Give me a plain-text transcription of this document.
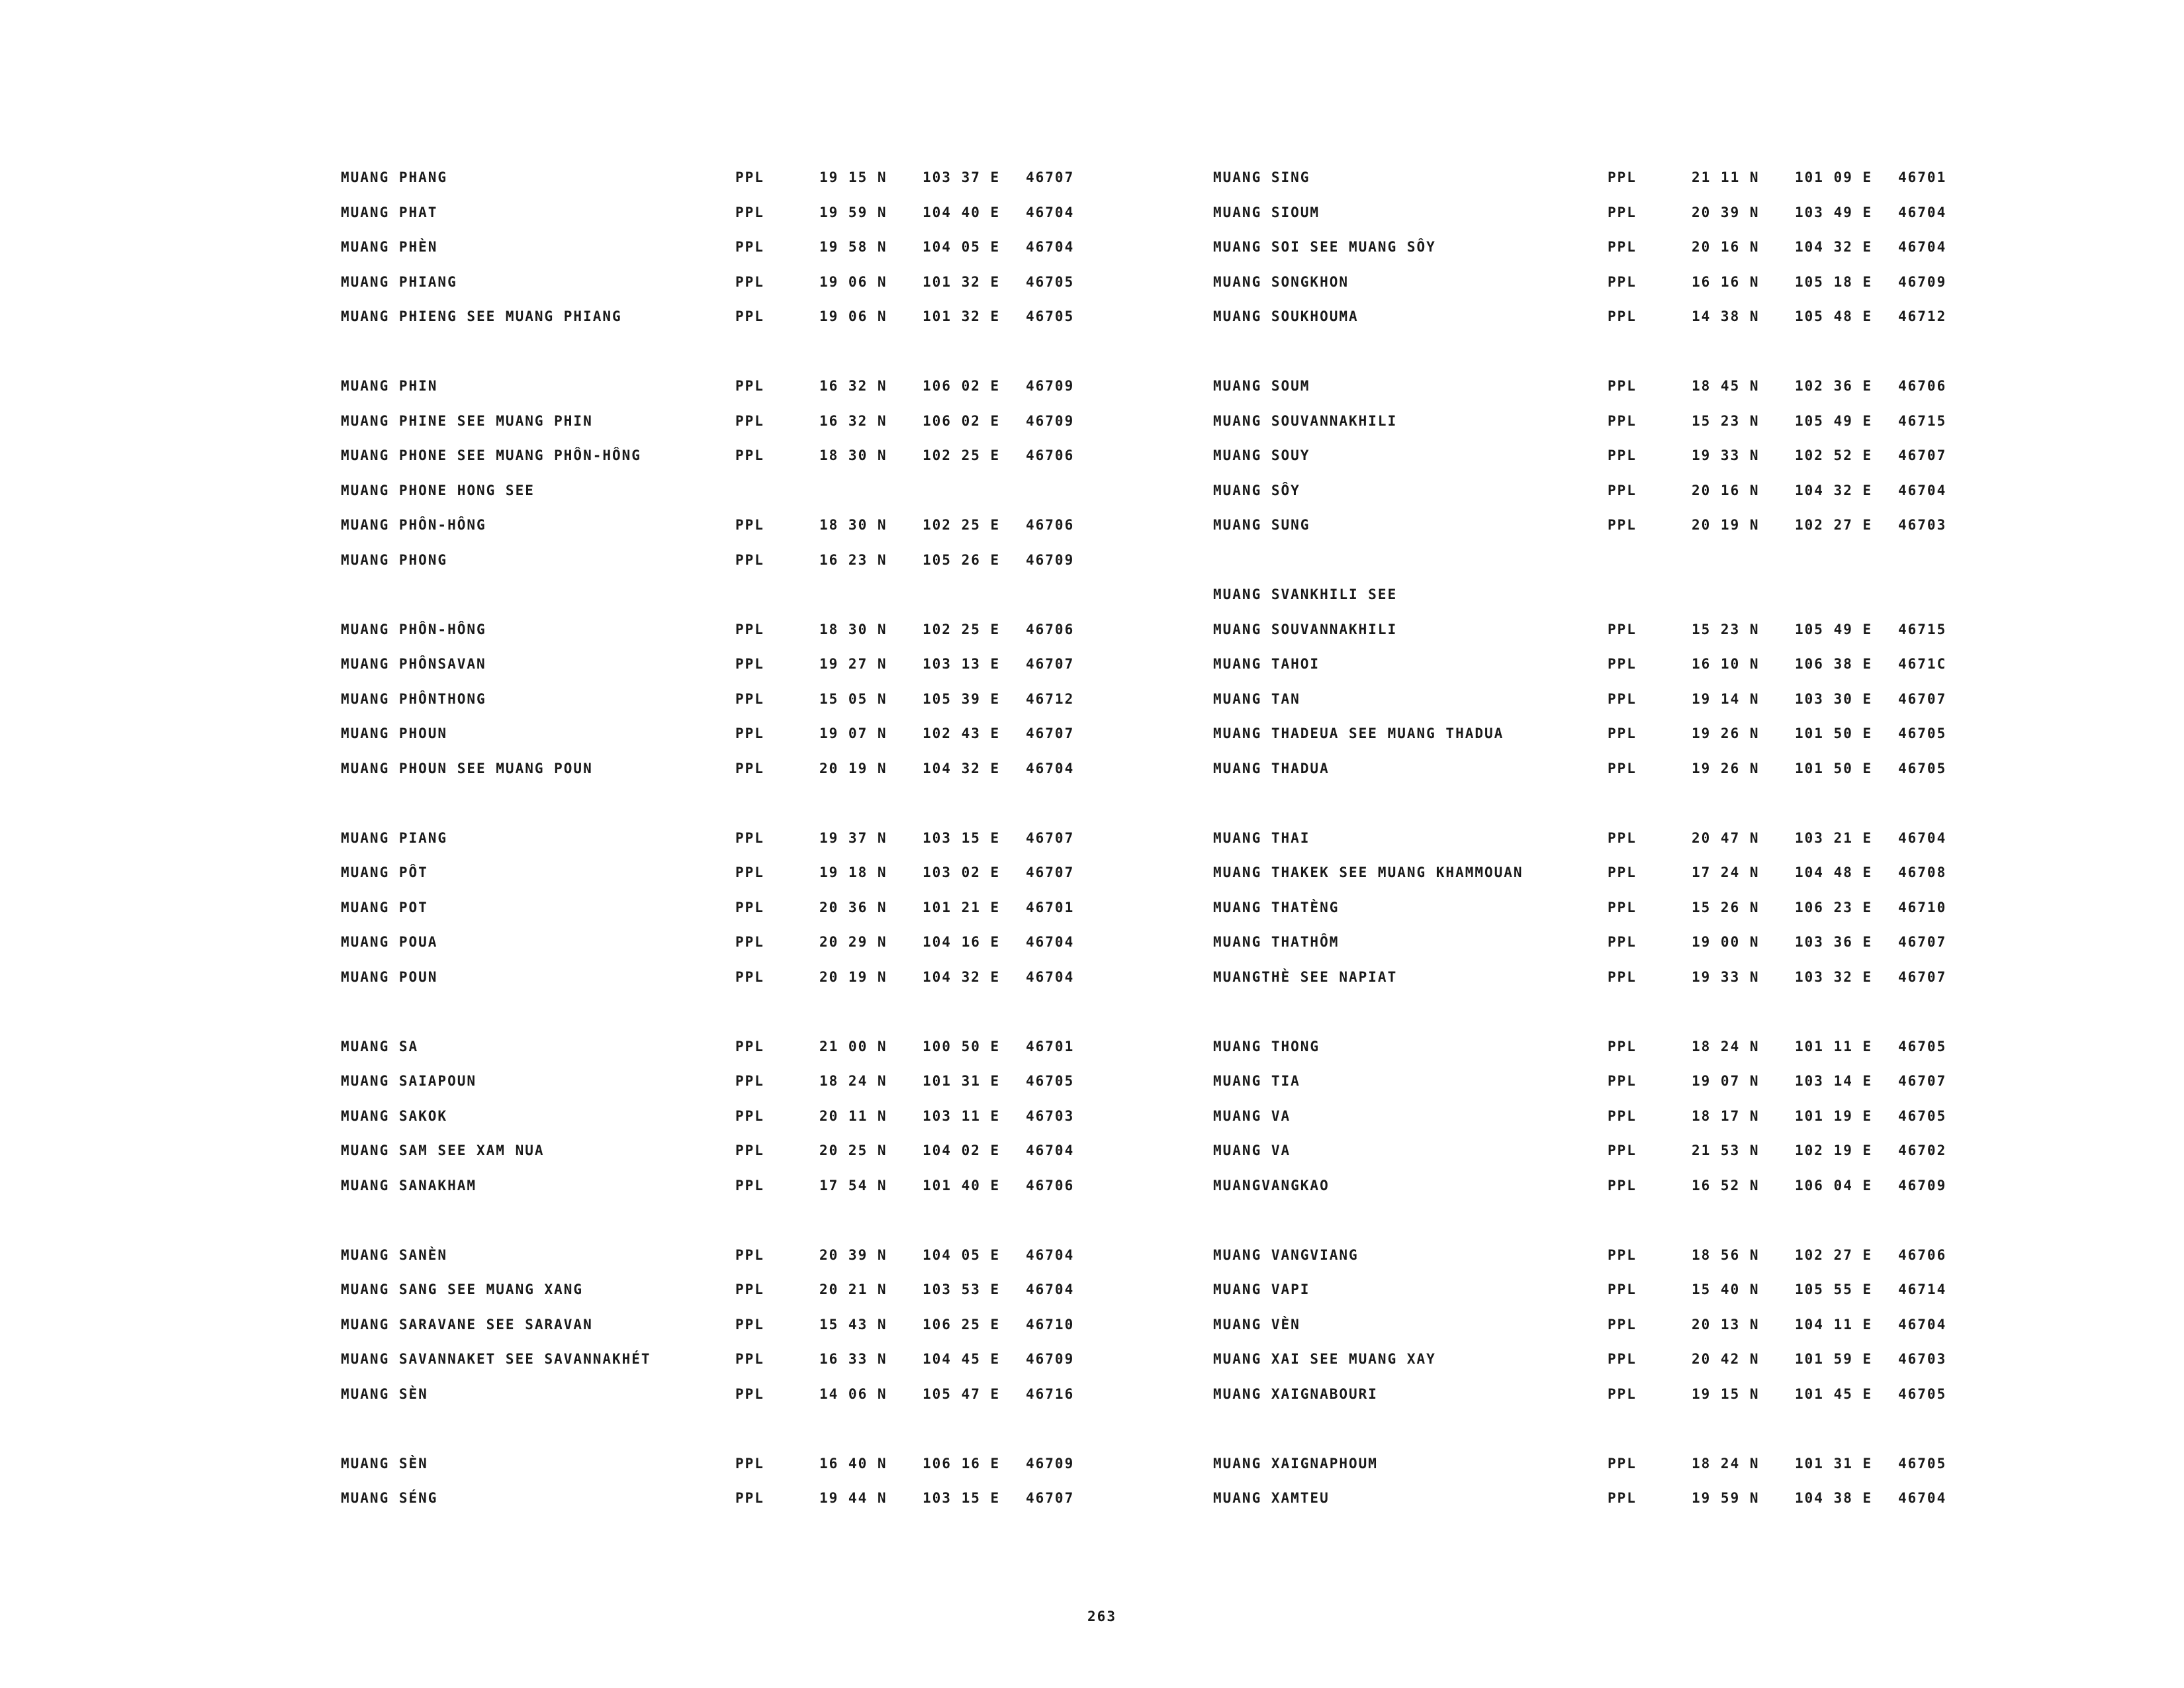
MUANG PHANG	PPL	19 15 N	103 37 E 46707
MUANG PHAT	PPL	19 59 N	104 40 E 46704
MUANG PHÈN	PPL	19 58 N	104 05 E 46704
MUANG PHIANG	PPL	19 06 N	101 32 E 46705
MUANG PHIENG SEE MUANG PHIANG	PPL	19 06 N	101 32 E 46705
MUANG PHIN	PPL	16 32 N	106 02 E 46709
MUANG PHINE SEE MUANG PHIN	PPL	16 32 N	106 02 E 46709
MUANG PHONE SEE MUANG PHÔN-HÔNG	PPL	18 30 N	102 25 E 46706
MUANG PHONE HONG SEE
MUANG PHÔN-HÔNG	PPL	18 30 N	102 25 E 46706
MUANG PHONG	PPL	16 23 N	105 26 E 46709
MUANG PHÔN-HÔNG	PPL	18 30 N	102 25 E 46706
MUANG PHÔNSAVAN	PPL	19 27 N	103 13 E 46707
MUANG PHÔNTHONG	PPL	15 05 N	105 39 E 46712
MUANG PHOUN	PPL	19 07 N	102 43 E 46707
MUANG PHOUN SEE MUANG POUN	PPL	20 19 N	104 32 E 46704
MUANG PIANG	PPL	19 37 N	103 15 E 46707
MUANG PÔT	PPL	19 18 N	103 02 E 46707
MUANG POT	PPL	20 36 N	101 21 E 46701
MUANG POUA	PPL	20 29 N	104 16 E 46704
MUANG POUN	PPL	20 19 N	104 32 E 46704
MUANG SA	PPL	21 00 N	100 50 E 46701
MUANG SAIAPOUN	PPL	18 24 N	101 31 E 46705
MUANG SAKOK	PPL	20 11 N	103 11 E 46703
MUANG SAM SEE XAM NUA	PPL	20 25 N	104 02 E 46704
MUANG SANAKHAM	PPL	17 54 N	101 40 E 46706
MUANG SANÈN	PPL	20 39 N	104 05 E 46704
MUANG SANG SEE MUANG XANG	PPL	20 21 N	103 53 E 46704
MUANG SARAVANE SEE SARAVAN	PPL	15 43 N	106 25 E 46710
MUANG SAVANNAKET SEE SAVANNAKHÉT	PPL	16 33 N	104 45 E 46709
MUANG SÈN	PPL	14 06 N	105 47 E 46716
MUANG SÈN	PPL	16 40 N	106 16 E 46709
MUANG SÉNG	PPL	19 44 N	103 15 E 46707
MUANG SING	PPL	21 11 N	101 09 E 46701
MUANG SIOUM	PPL	20 39 N	103 49 E 46704
MUANG SOI SEE MUANG SÔY	PPL	20 16 N	104 32 E 46704
MUANG SONGKHON	PPL	16 16 N	105 18 E 46709
MUANG SOUKHOUMA	PPL	14 38 N	105 48 E 46712
MUANG SOUM	PPL	18 45 N	102 36 E 46706
MUANG SOUVANNAKHILI	PPL	15 23 N	105 49 E 46715
MUANG SOUY	PPL	19 33 N	102 52 E 46707
MUANG SÔY	PPL	20 16 N	104 32 E 46704
MUANG SUNG	PPL	20 19 N	102 27 E 46703
MUANG SVANKHILI SEE
MUANG SOUVANNAKHILI	PPL	15 23 N	105 49 E 46715
MUANG TAHOI	PPL	16 10 N	106 38 E 4671C
MUANG TAN	PPL	19 14 N	103 30 E 46707
MUANG THADEUA SEE MUANG THADUA	PPL	19 26 N	101 50 E 46705
MUANG THADUA	PPL	19 26 N	101 50 E 46705
MUANG THAI	PPL	20 47 N	103 21 E 46704
MUANG THAKEK SEE MUANG KHAMMOUAN	PPL	17 24 N	104 48 E 46708
MUANG THATÈNG	PPL	15 26 N	106 23 E 46710
MUANG THATHÔM	PPL	19 00 N	103 36 E 46707
MUANGTHÈ SEE NAPIAT	PPL	19 33 N	103 32 E 46707
MUANG THONG	PPL	18 24 N	101 11 E 46705
MUANG TIA	PPL	19 07 N	103 14 E 46707
MUANG VA	PPL	18 17 N	101 19 E 46705
MUANG VA	PPL	21 53 N	102 19 E 46702
MUANGVANGKAO	PPL	16 52 N	106 04 E 46709
MUANG VANGVIANG	PPL	18 56 N	102 27 E 46706
MUANG VAPI	PPL	15 40 N	105 55 E 46714
MUANG VÈN	PPL	20 13 N	104 11 E 46704
MUANG XAI SEE MUANG XAY	PPL	20 42 N	101 59 E 46703
MUANG XAIGNABOURI	PPL	19 15 N	101 45 E 46705
MUANG XAIGNAPHOUM	PPL	18 24 N	101 31 E 46705
MUANG XAMTEU	PPL	19 59 N	104 38 E 46704
263
